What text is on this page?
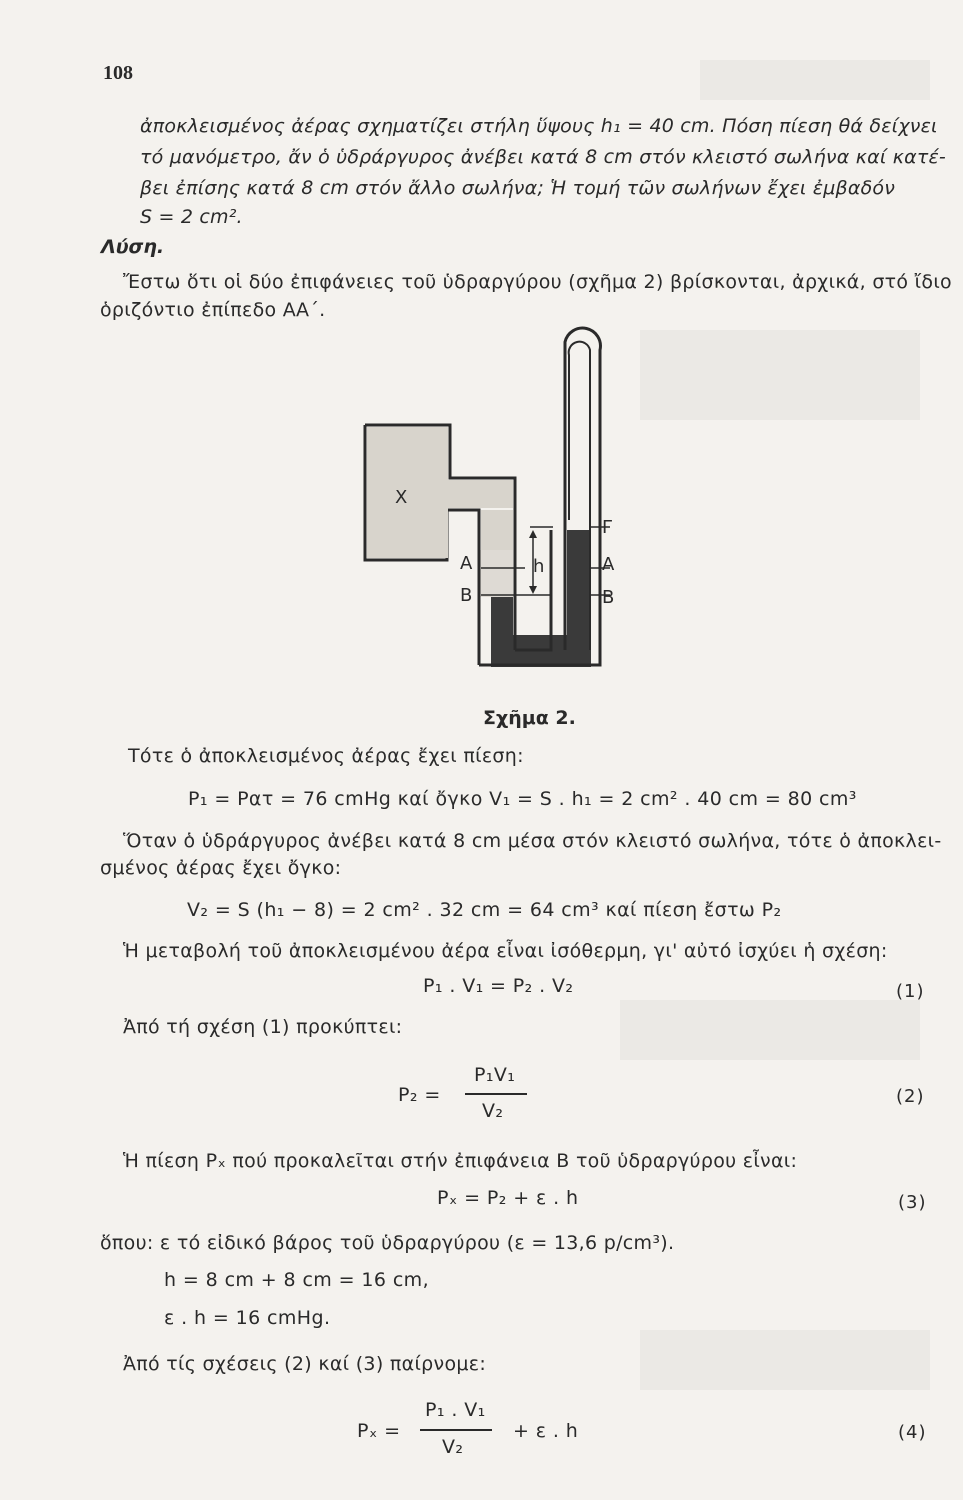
108
ἀποκλεισμένος ἀέρας σχηματίζει στήλη ὕψους h₁ = 40 cm. Πόση πίεση θά δείχνει
τό μανόμετρο, ἄν ὁ ὑδράργυρος ἀνέβει κατά 8 cm στόν κλειστό σωλήνα καί κατέ-
βει ἐπίσης κατά 8 cm στόν ἄλλο σωλήνα; Ἡ τομή τῶν σωλήνων ἔχει ἐμβαδόν
S = 2 cm².
Λύση.
Ἔστω ὅτι οἱ δύο ἐπιφάνειες τοῦ ὑδραργύρου (σχῆμα 2) βρίσκονται, ἀρχικά, στό ἴδιο
ὁριζόντιο ἐπίπεδο ΑΑ΄.
X
A
B
h
Γ
A
B
Σχῆμα 2.
Τότε ὁ ἀποκλεισμένος ἀέρας ἔχει πίεση:
P₁ = Pατ = 76 cmHg καί ὄγκο V₁ = S . h₁ = 2 cm² . 40 cm = 80 cm³
Ὅταν ὁ ὑδράργυρος ἀνέβει κατά 8 cm μέσα στόν κλειστό σωλήνα, τότε ὁ ἀποκλει-
σμένος ἀέρας ἔχει ὄγκο:
V₂ = S (h₁ − 8) = 2 cm² . 32 cm = 64 cm³ καί πίεση ἔστω P₂
Ἡ μεταβολή τοῦ ἀποκλεισμένου ἀέρα εἶναι ἰσόθερμη, γι' αὐτό ἰσχύει ἡ σχέση:
P₁ . V₁ = P₂ . V₂	(1)
Ἀπό τή σχέση (1) προκύπτει:
P₂ =
P₁V₁
V₂
(2)
Ἡ πίεση Pₓ πού προκαλεῖται στήν ἐπιφάνεια B τοῦ ὑδραργύρου εἶναι:
Pₓ = P₂ + ε . h	(3)
ὅπου: ε τό εἰδικό βάρος τοῦ ὑδραργύρου (ε = 13,6 p/cm³).
h = 8 cm + 8 cm = 16 cm,
ε . h = 16 cmHg.
Ἀπό τίς σχέσεις (2) καί (3) παίρνομε:
Pₓ =
P₁ . V₁
V₂
+ ε . h	(4)
